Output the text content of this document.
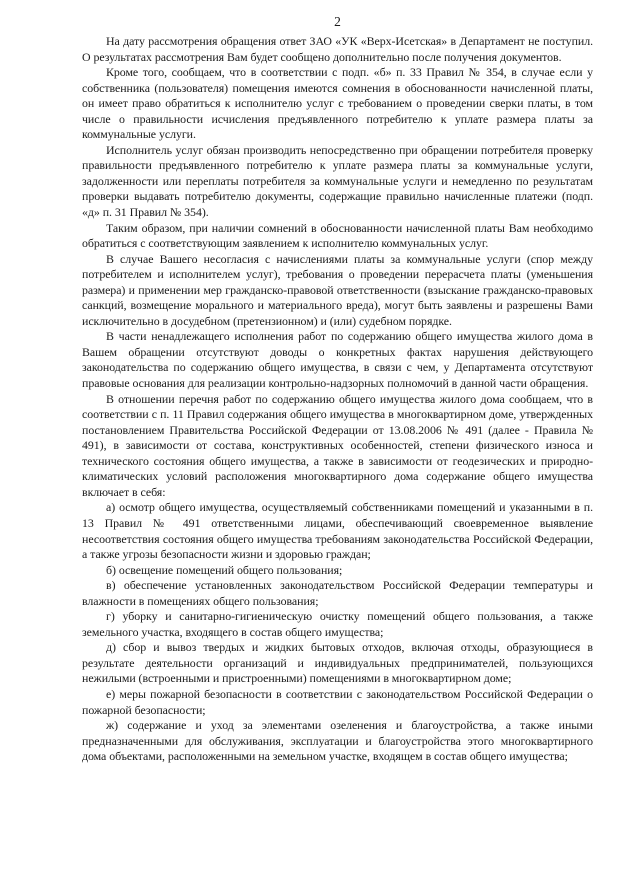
2

На дату рассмотрения обращения ответ ЗАО «УК «Верх-Исетская» в Департамент не поступил. О результатах рассмотрения Вам будет сообщено дополнительно после получения документов.

Кроме того, сообщаем, что в соответствии с подп. «б» п. 33 Правил № 354, в случае если у собственника (пользователя) помещения имеются сомнения в обоснованности начисленной платы, он имеет право обратиться к исполнителю услуг с требованием о проведении сверки платы, в том числе о правильности исчисления предъявленного потребителю к уплате размера платы за коммунальные услуги.

Исполнитель услуг обязан производить непосредственно при обращении потребителя проверку правильности предъявленного потребителю к уплате размера платы за коммунальные услуги, задолженности или переплаты потребителя за коммунальные услуги и немедленно по результатам проверки выдавать потребителю документы, содержащие правильно начисленные платежи (подп. «д» п. 31 Правил № 354).

Таким образом, при наличии сомнений в обоснованности начисленной платы Вам необходимо обратиться с соответствующим заявлением к исполнителю коммунальных услуг.

В случае Вашего несогласия с начислениями платы за коммунальные услуги (спор между потребителем и исполнителем услуг), требования о проведении перерасчета платы (уменьшения размера) и применении мер гражданско-правовой ответственности (взыскание гражданско-правовых санкций, возмещение морального и материального вреда), могут быть заявлены и разрешены Вами исключительно в досудебном (претензионном) и (или) судебном порядке.

В части ненадлежащего исполнения работ по содержанию общего имущества жилого дома в Вашем обращении отсутствуют доводы о конкретных фактах нарушения действующего законодательства по содержанию общего имущества, в связи с чем, у Департамента отсутствуют правовые основания для реализации контрольно-надзорных полномочий в данной части обращения.

В отношении перечня работ по содержанию общего имущества жилого дома сообщаем, что в соответствии с п. 11 Правил содержания общего имущества в многоквартирном доме, утвержденных постановлением Правительства Российской Федерации от 13.08.2006 № 491 (далее - Правила № 491), в зависимости от состава, конструктивных особенностей, степени физического износа и технического состояния общего имущества, а также в зависимости от геодезических и природно-климатических условий расположения многоквартирного дома содержание общего имущества включает в себя:

а) осмотр общего имущества, осуществляемый собственниками помещений и указанными в п. 13 Правил № 491 ответственными лицами, обеспечивающий своевременное выявление несоответствия состояния общего имущества требованиям законодательства Российской Федерации, а также угрозы безопасности жизни и здоровью граждан;

б) освещение помещений общего пользования;

в) обеспечение установленных законодательством Российской Федерации температуры и влажности в помещениях общего пользования;

г) уборку и санитарно-гигиеническую очистку помещений общего пользования, а также земельного участка, входящего в состав общего имущества;

д) сбор и вывоз твердых и жидких бытовых отходов, включая отходы, образующиеся в результате деятельности организаций и индивидуальных предпринимателей, пользующихся нежилыми (встроенными и пристроенными) помещениями в многоквартирном доме;

е) меры пожарной безопасности в соответствии с законодательством Российской Федерации о пожарной безопасности;

ж) содержание и уход за элементами озеленения и благоустройства, а также иными предназначенными для обслуживания, эксплуатации и благоустройства этого многоквартирного дома объектами, расположенными на земельном участке, входящем в состав общего имущества;
